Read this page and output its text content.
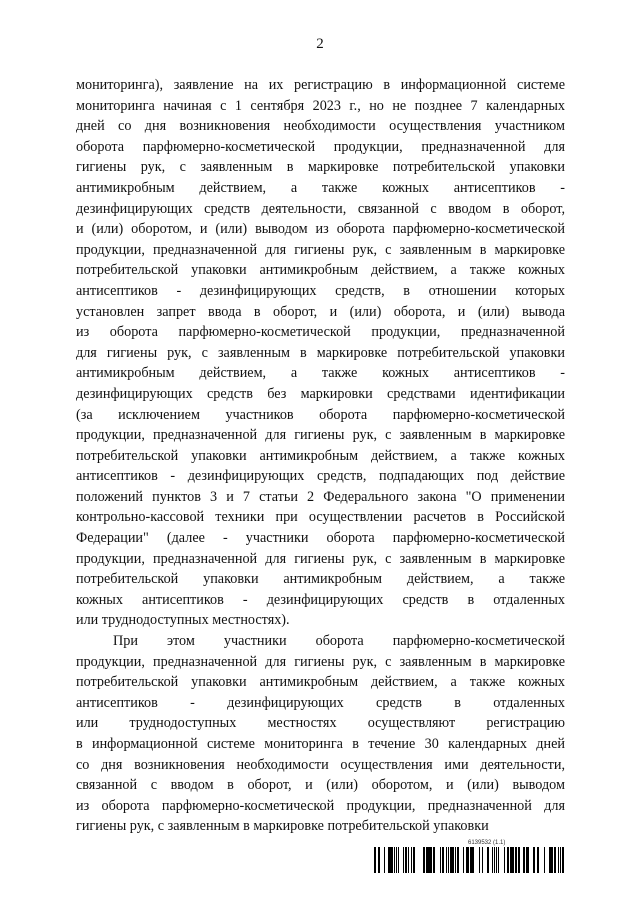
2

мониторинга), заявление на их регистрацию в информационной системе
мониторинга начиная с 1 сентября 2023 г., но не позднее 7 календарных
дней со дня возникновения необходимости осуществления участником
оборота парфюмерно-косметической продукции, предназначенной для
гигиены рук, с заявленным в маркировке потребительской упаковки
антимикробным действием, а также кожных антисептиков -
дезинфицирующих средств деятельности, связанной с вводом в оборот,
и (или) оборотом, и (или) выводом из оборота парфюмерно-косметической
продукции, предназначенной для гигиены рук, с заявленным в маркировке
потребительской упаковки антимикробным действием, а также кожных
антисептиков - дезинфицирующих средств, в отношении которых
установлен запрет ввода в оборот, и (или) оборота, и (или) вывода
из оборота парфюмерно-косметической продукции, предназначенной
для гигиены рук, с заявленным в маркировке потребительской упаковки
антимикробным действием, а также кожных антисептиков -
дезинфицирующих средств без маркировки средствами идентификации
(за исключением участников оборота парфюмерно-косметической
продукции, предназначенной для гигиены рук, с заявленным в маркировке
потребительской упаковки антимикробным действием, а также кожных
антисептиков - дезинфицирующих средств, подпадающих под действие
положений пунктов 3 и 7 статьи 2 Федерального закона "О применении
контрольно-кассовой техники при осуществлении расчетов в Российской
Федерации" (далее - участники оборота парфюмерно-косметической
продукции, предназначенной для гигиены рук, с заявленным в маркировке
потребительской упаковки антимикробным действием, а также
кожных антисептиков - дезинфицирующих средств в отдаленных
или труднодоступных местностях).

При этом участники оборота парфюмерно-косметической
продукции, предназначенной для гигиены рук, с заявленным в маркировке
потребительской упаковки антимикробным действием, а также кожных
антисептиков - дезинфицирующих средств в отдаленных
или труднодоступных местностях осуществляют регистрацию
в информационной системе мониторинга в течение 30 календарных дней
со дня возникновения необходимости осуществления ими деятельности,
связанной с вводом в оборот, и (или) оборотом, и (или) выводом
из оборота парфюмерно-косметической продукции, предназначенной для
гигиены рук, с заявленным в маркировке потребительской упаковки

6139532 (1.1)
